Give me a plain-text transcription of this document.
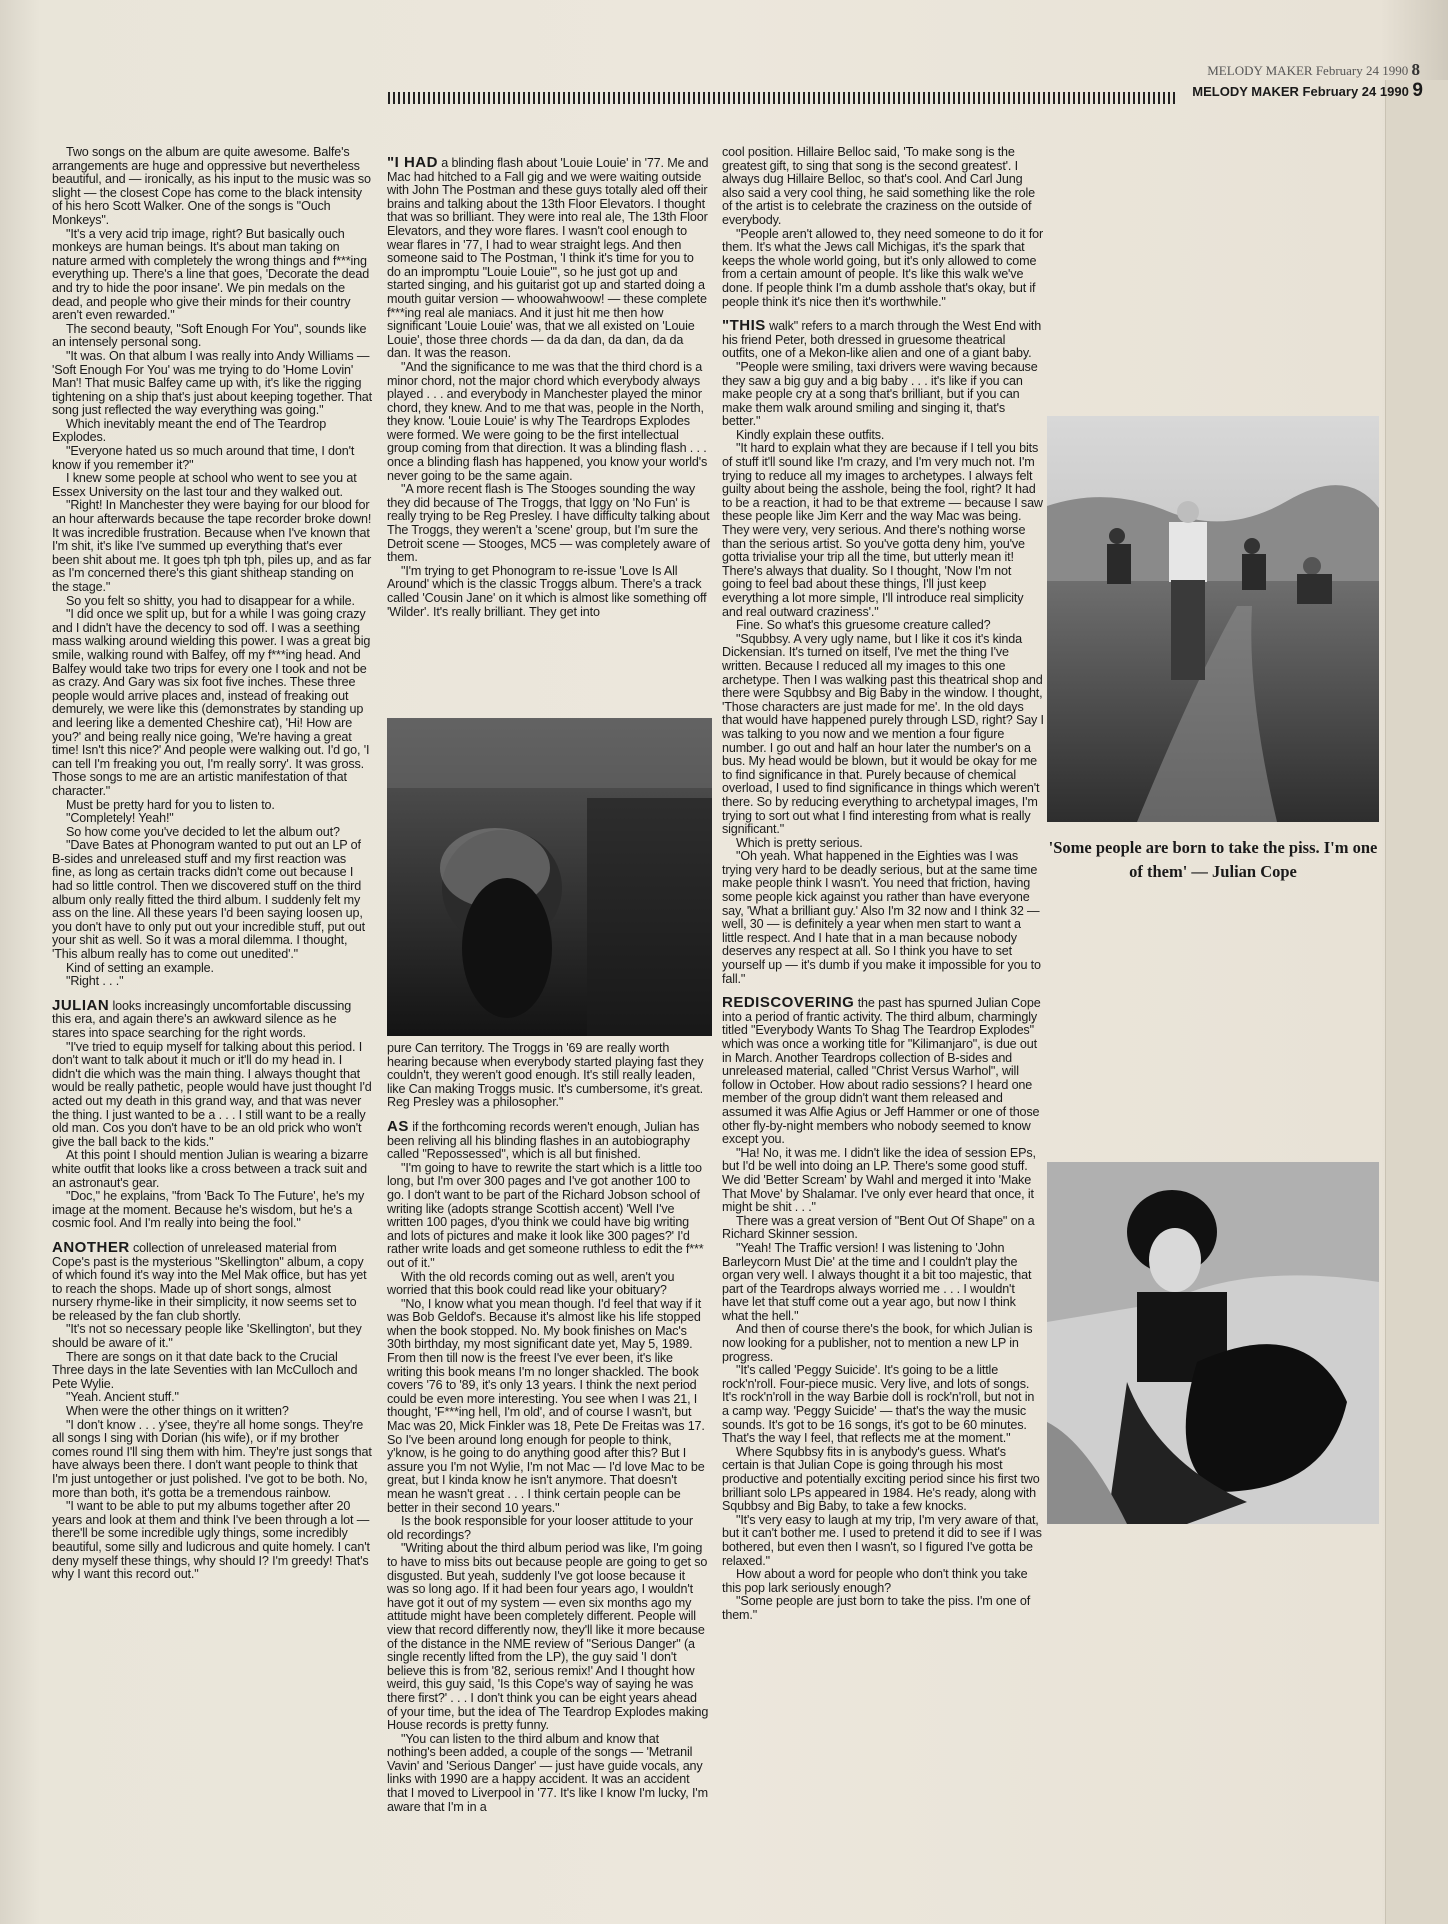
MELODY MAKER February 24 1990 8
MELODY MAKER February 24 1990 9

Two songs on the album are quite awesome. Balfe's arrangements are huge and oppressive but nevertheless beautiful, and — ironically, as his input to the music was so slight — the closest Cope has come to the black intensity of his hero Scott Walker. One of the songs is "Ouch Monkeys".

"It's a very acid trip image, right? But basically ouch monkeys are human beings. It's about man taking on nature armed with completely the wrong things and f***ing everything up. There's a line that goes, 'Decorate the dead and try to hide the poor insane'. We pin medals on the dead, and people who give their minds for their country aren't even rewarded."

The second beauty, "Soft Enough For You", sounds like an intensely personal song.

"It was. On that album I was really into Andy Williams — 'Soft Enough For You' was me trying to do 'Home Lovin' Man'! That music Balfey came up with, it's like the rigging tightening on a ship that's just about keeping together. That song just reflected the way everything was going."

Which inevitably meant the end of The Teardrop Explodes.

"Everyone hated us so much around that time, I don't know if you remember it?"

I knew some people at school who went to see you at Essex University on the last tour and they walked out.

"Right! In Manchester they were baying for our blood for an hour afterwards because the tape recorder broke down! It was incredible frustration. Because when I've known that I'm shit, it's like I've summed up everything that's ever been shit about me. It goes tph tph tph, piles up, and as far as I'm concerned there's this giant shitheap standing on the stage."

So you felt so shitty, you had to disappear for a while.

"I did once we split up, but for a while I was going crazy and I didn't have the decency to sod off. I was a seething mass walking around wielding this power. I was a great big smile, walking round with Balfey, off my f***ing head. And Balfey would take two trips for every one I took and not be as crazy. And Gary was six foot five inches. These three people would arrive places and, instead of freaking out demurely, we were like this (demonstrates by standing up and leering like a demented Cheshire cat), 'Hi! How are you?' and being really nice going, 'We're having a great time! Isn't this nice?' And people were walking out. I'd go, 'I can tell I'm freaking you out, I'm really sorry'. It was gross. Those songs to me are an artistic manifestation of that character."

Must be pretty hard for you to listen to.

"Completely! Yeah!"

So how come you've decided to let the album out?

"Dave Bates at Phonogram wanted to put out an LP of B-sides and unreleased stuff and my first reaction was fine, as long as certain tracks didn't come out because I had so little control. Then we discovered stuff on the third album only really fitted the third album. I suddenly felt my ass on the line. All these years I'd been saying loosen up, you don't have to only put out your incredible stuff, put out your shit as well. So it was a moral dilemma. I thought, 'This album really has to come out unedited'."

Kind of setting an example.

"Right . . ."

JULIAN looks increasingly uncomfortable discussing this era, and again there's an awkward silence as he stares into space searching for the right words.

"I've tried to equip myself for talking about this period. I don't want to talk about it much or it'll do my head in. I didn't die which was the main thing. I always thought that would be really pathetic, people would have just thought I'd acted out my death in this grand way, and that was never the thing. I just wanted to be a . . . I still want to be a really old man. Cos you don't have to be an old prick who won't give the ball back to the kids."

At this point I should mention Julian is wearing a bizarre white outfit that looks like a cross between a track suit and an astronaut's gear.

"Doc," he explains, "from 'Back To The Future', he's my image at the moment. Because he's wisdom, but he's a cosmic fool. And I'm really into being the fool."

ANOTHER collection of unreleased material from Cope's past is the mysterious "Skellington" album, a copy of which found it's way into the Mel Mak office, but has yet to reach the shops. Made up of short songs, almost nursery rhyme-like in their simplicity, it now seems set to be released by the fan club shortly.

"It's not so necessary people like 'Skellington', but they should be aware of it."

There are songs on it that date back to the Crucial Three days in the late Seventies with Ian McCulloch and Pete Wylie.

"Yeah. Ancient stuff."

When were the other things on it written?

"I don't know . . . y'see, they're all home songs. They're all songs I sing with Dorian (his wife), or if my brother comes round I'll sing them with him. They're just songs that have always been there. I don't want people to think that I'm just untogether or just polished. I've got to be both. No, more than both, it's gotta be a tremendous rainbow.

"I want to be able to put my albums together after 20 years and look at them and think I've been through a lot — there'll be some incredible ugly things, some incredibly beautiful, some silly and ludicrous and quite homely. I can't deny myself these things, why should I? I'm greedy! That's why I want this record out."

"I HAD a blinding flash about 'Louie Louie' in '77. Me and Mac had hitched to a Fall gig and we were waiting outside with John The Postman and these guys totally aled off their brains and talking about the 13th Floor Elevators. I thought that was so brilliant. They were into real ale, The 13th Floor Elevators, and they wore flares. I wasn't cool enough to wear flares in '77, I had to wear straight legs. And then someone said to The Postman, 'I think it's time for you to do an impromptu "Louie Louie"', so he just got up and started singing, and his guitarist got up and started doing a mouth guitar version — whoowahwoow! — these complete f***ing real ale maniacs. And it just hit me then how significant 'Louie Louie' was, that we all existed on 'Louie Louie', those three chords — da da dan, da dan, da da dan. It was the reason.

"And the significance to me was that the third chord is a minor chord, not the major chord which everybody always played . . . and everybody in Manchester played the minor chord, they knew. And to me that was, people in the North, they know. 'Louie Louie' is why The Teardrops Explodes were formed. We were going to be the first intellectual group coming from that direction. It was a blinding flash . . . once a blinding flash has happened, you know your world's never going to be the same again.

"A more recent flash is The Stooges sounding the way they did because of The Troggs, that Iggy on 'No Fun' is really trying to be Reg Presley. I have difficulty talking about The Troggs, they weren't a 'scene' group, but I'm sure the Detroit scene — Stooges, MC5 — was completely aware of them.

"I'm trying to get Phonogram to re-issue 'Love Is All Around' which is the classic Troggs album. There's a track called 'Cousin Jane' on it which is almost like something off 'Wilder'. It's really brilliant. They get into

pure Can territory. The Troggs in '69 are really worth hearing because when everybody started playing fast they couldn't, they weren't good enough. It's still really leaden, like Can making Troggs music. It's cumbersome, it's great. Reg Presley was a philosopher."

AS if the forthcoming records weren't enough, Julian has been reliving all his blinding flashes in an autobiography called "Repossessed", which is all but finished.

"I'm going to have to rewrite the start which is a little too long, but I'm over 300 pages and I've got another 100 to go. I don't want to be part of the Richard Jobson school of writing like (adopts strange Scottish accent) 'Well I've written 100 pages, d'you think we could have big writing and lots of pictures and make it look like 300 pages?' I'd rather write loads and get someone ruthless to edit the f*** out of it."

With the old records coming out as well, aren't you worried that this book could read like your obituary?

"No, I know what you mean though. I'd feel that way if it was Bob Geldof's. Because it's almost like his life stopped when the book stopped. No. My book finishes on Mac's 30th birthday, my most significant date yet, May 5, 1989. From then till now is the freest I've ever been, it's like writing this book means I'm no longer shackled. The book covers '76 to '89, it's only 13 years. I think the next period could be even more interesting. You see when I was 21, I thought, 'F***ing hell, I'm old', and of course I wasn't, but Mac was 20, Mick Finkler was 18, Pete De Freitas was 17. So I've been around long enough for people to think, y'know, is he going to do anything good after this? But I assure you I'm not Wylie, I'm not Mac — I'd love Mac to be great, but I kinda know he isn't anymore. That doesn't mean he wasn't great . . . I think certain people can be better in their second 10 years."

Is the book responsible for your looser attitude to your old recordings?

"Writing about the third album period was like, I'm going to have to miss bits out because people are going to get so disgusted. But yeah, suddenly I've got loose because it was so long ago. If it had been four years ago, I wouldn't have got it out of my system — even six months ago my attitude might have been completely different. People will view that record differently now, they'll like it more because of the distance in the NME review of "Serious Danger" (a single recently lifted from the LP), the guy said 'I don't believe this is from '82, serious remix!' And I thought how weird, this guy said, 'Is this Cope's way of saying he was there first?' . . . I don't think you can be eight years ahead of your time, but the idea of The Teardrop Explodes making House records is pretty funny.

"You can listen to the third album and know that nothing's been added, a couple of the songs — 'Metranil Vavin' and 'Serious Danger' — just have guide vocals, any links with 1990 are a happy accident. It was an accident that I moved to Liverpool in '77. It's like I know I'm lucky, I'm aware that I'm in a

cool position. Hillaire Belloc said, 'To make song is the greatest gift, to sing that song is the second greatest'. I always dug Hillaire Belloc, so that's cool. And Carl Jung also said a very cool thing, he said something like the role of the artist is to celebrate the craziness on the outside of everybody.

"People aren't allowed to, they need someone to do it for them. It's what the Jews call Michigas, it's the spark that keeps the whole world going, but it's only allowed to come from a certain amount of people. It's like this walk we've done. If people think I'm a dumb asshole that's okay, but if people think it's nice then it's worthwhile."

"THIS walk" refers to a march through the West End with his friend Peter, both dressed in gruesome theatrical outfits, one of a Mekon-like alien and one of a giant baby.

"People were smiling, taxi drivers were waving because they saw a big guy and a big baby . . . it's like if you can make people cry at a song that's brilliant, but if you can make them walk around smiling and singing it, that's better."

Kindly explain these outfits.

"It hard to explain what they are because if I tell you bits of stuff it'll sound like I'm crazy, and I'm very much not. I'm trying to reduce all my images to archetypes. I always felt guilty about being the asshole, being the fool, right? It had to be a reaction, it had to be that extreme — because I saw these people like Jim Kerr and the way Mac was being. They were very, very serious. And there's nothing worse than the serious artist. So you've gotta deny him, you've gotta trivialise your trip all the time, but utterly mean it! There's always that duality. So I thought, 'Now I'm not going to feel bad about these things, I'll just keep everything a lot more simple, I'll introduce real simplicity and real outward craziness'."

Fine. So what's this gruesome creature called?

"Squbbsy. A very ugly name, but I like it cos it's kinda Dickensian. It's turned on itself, I've met the thing I've written. Because I reduced all my images to this one archetype. Then I was walking past this theatrical shop and there were Squbbsy and Big Baby in the window. I thought, 'Those characters are just made for me'. In the old days that would have happened purely through LSD, right? Say I was talking to you now and we mention a four figure number. I go out and half an hour later the number's on a bus. My head would be blown, but it would be okay for me to find significance in that. Purely because of chemical overload, I used to find significance in things which weren't there. So by reducing everything to archetypal images, I'm trying to sort out what I find interesting from what is really significant."

Which is pretty serious.

"Oh yeah. What happened in the Eighties was I was trying very hard to be deadly serious, but at the same time make people think I wasn't. You need that friction, having some people kick against you rather than have everyone say, 'What a brilliant guy.' Also I'm 32 now and I think 32 — well, 30 — is definitely a year when men start to want a little respect. And I hate that in a man because nobody deserves any respect at all. So I think you have to set yourself up — it's dumb if you make it impossible for you to fall."

REDISCOVERING the past has spurned Julian Cope into a period of frantic activity. The third album, charmingly titled "Everybody Wants To Shag The Teardrop Explodes" which was once a working title for "Kilimanjaro", is due out in March. Another Teardrops collection of B-sides and unreleased material, called "Christ Versus Warhol", will follow in October. How about radio sessions? I heard one member of the group didn't want them released and assumed it was Alfie Agius or Jeff Hammer or one of those other fly-by-night members who nobody seemed to know except you.

"Ha! No, it was me. I didn't like the idea of session EPs, but I'd be well into doing an LP. There's some good stuff. We did 'Better Scream' by Wahl and merged it into 'Make That Move' by Shalamar. I've only ever heard that once, it might be shit . . ."

There was a great version of "Bent Out Of Shape" on a Richard Skinner session.

"Yeah! The Traffic version! I was listening to 'John Barleycorn Must Die' at the time and I couldn't play the organ very well. I always thought it a bit too majestic, that part of the Teardrops always worried me . . . I wouldn't have let that stuff come out a year ago, but now I think what the hell."

And then of course there's the book, for which Julian is now looking for a publisher, not to mention a new LP in progress.

"It's called 'Peggy Suicide'. It's going to be a little rock'n'roll. Four-piece music. Very live, and lots of songs. It's rock'n'roll in the way Barbie doll is rock'n'roll, but not in a camp way. 'Peggy Suicide' — that's the way the music sounds. It's got to be 16 songs, it's got to be 60 minutes. That's the way I feel, that reflects me at the moment."

Where Squbbsy fits in is anybody's guess. What's certain is that Julian Cope is going through his most productive and potentially exciting period since his first two brilliant solo LPs appeared in 1984. He's ready, along with Squbbsy and Big Baby, to take a few knocks.

"It's very easy to laugh at my trip, I'm very aware of that, but it can't bother me. I used to pretend it did to see if I was bothered, but even then I wasn't, so I figured I've gotta be relaxed."

How about a word for people who don't think you take this pop lark seriously enough?

"Some people are just born to take the piss. I'm one of them."

'Some people are born to take the piss. I'm one of them' — Julian Cope
